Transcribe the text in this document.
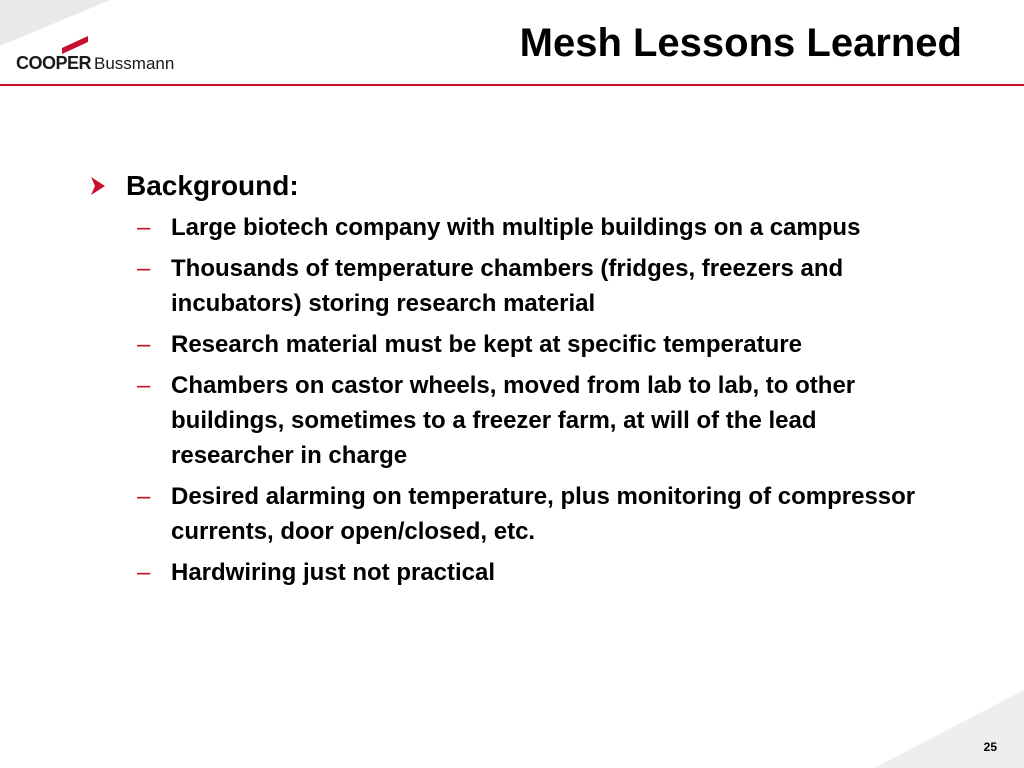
COOPER Bussmann	Mesh Lessons Learned
Background:
– Large biotech company with multiple buildings on a campus
– Thousands of temperature chambers (fridges, freezers and incubators) storing research material
– Research material must be kept at specific temperature
– Chambers on castor wheels, moved from lab to lab, to other buildings, sometimes to a freezer farm, at will of the lead researcher in charge
– Desired alarming on temperature, plus monitoring of compressor currents, door open/closed, etc.
– Hardwiring just not practical
25
